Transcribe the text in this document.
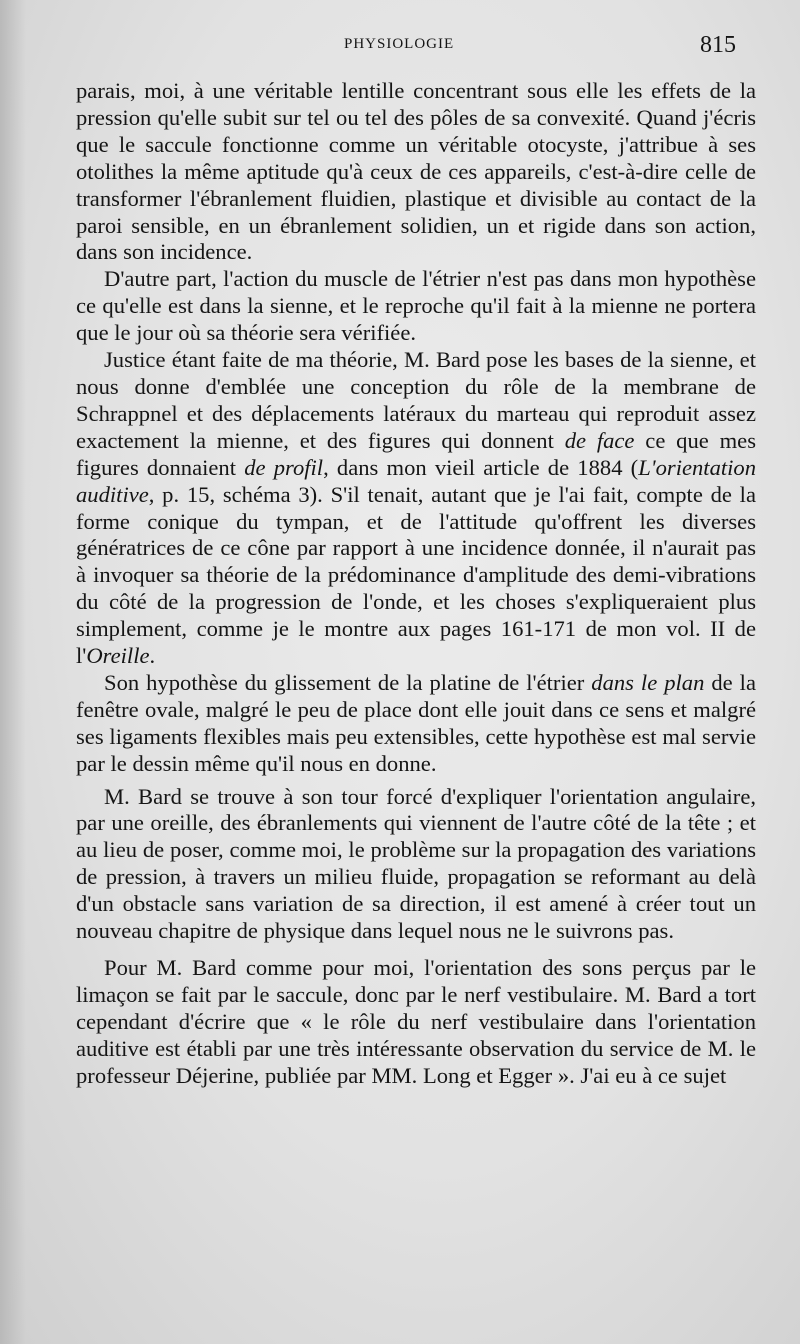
PHYSIOLOGIE	815

parais, moi, à une véritable lentille concentrant sous elle les effets de la pression qu'elle subit sur tel ou tel des pôles de sa convexité. Quand j'écris que le saccule fonctionne comme un véritable otocyste, j'attribue à ses otolithes la même aptitude qu'à ceux de ces appareils, c'est-à-dire celle de transformer l'ébranlement fluidien, plastique et divisible au contact de la paroi sensible, en un ébranlement solidien, un et rigide dans son action, dans son incidence.

D'autre part, l'action du muscle de l'étrier n'est pas dans mon hypothèse ce qu'elle est dans la sienne, et le reproche qu'il fait à la mienne ne portera que le jour où sa théorie sera vérifiée.

Justice étant faite de ma théorie, M. Bard pose les bases de la sienne, et nous donne d'emblée une conception du rôle de la membrane de Schrappnel et des déplacements latéraux du marteau qui reproduit assez exactement la mienne, et des figures qui donnent de face ce que mes figures donnaient de profil, dans mon vieil article de 1884 (L'orientation auditive, p. 15, schéma 3). S'il tenait, autant que je l'ai fait, compte de la forme conique du tympan, et de l'attitude qu'offrent les diverses génératrices de ce cône par rapport à une incidence donnée, il n'aurait pas à invoquer sa théorie de la prédominance d'amplitude des demi-vibrations du côté de la progression de l'onde, et les choses s'expliqueraient plus simplement, comme je le montre aux pages 161-171 de mon vol. II de l'Oreille.

Son hypothèse du glissement de la platine de l'étrier dans le plan de la fenêtre ovale, malgré le peu de place dont elle jouit dans ce sens et malgré ses ligaments flexibles mais peu extensibles, cette hypothèse est mal servie par le dessin même qu'il nous en donne.

M. Bard se trouve à son tour forcé d'expliquer l'orientation angulaire, par une oreille, des ébranlements qui viennent de l'autre côté de la tête ; et au lieu de poser, comme moi, le problème sur la propagation des variations de pression, à travers un milieu fluide, propagation se reformant au delà d'un obstacle sans variation de sa direction, il est amené à créer tout un nouveau chapitre de physique dans lequel nous ne le suivrons pas.

Pour M. Bard comme pour moi, l'orientation des sons perçus par le limaçon se fait par le saccule, donc par le nerf vestibulaire. M. Bard a tort cependant d'écrire que « le rôle du nerf vestibulaire dans l'orientation auditive est établi par une très intéressante observation du service de M. le professeur Déjerine, publiée par MM. Long et Egger ». J'ai eu à ce sujet
